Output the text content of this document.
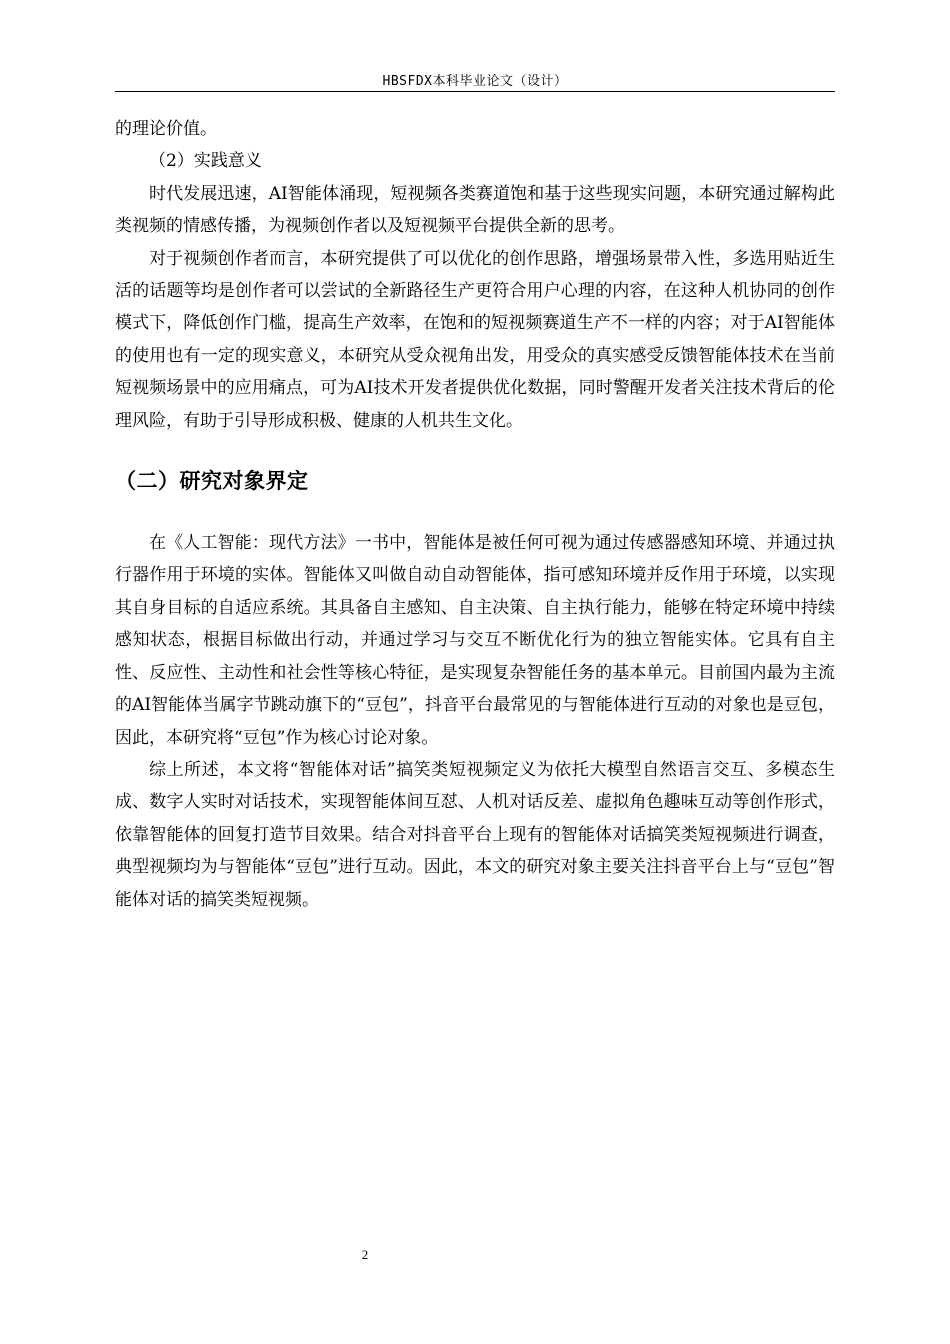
HBSFDX本科毕业论文（设计）

的理论价值。

（2）实践意义

时代发展迅速，AI智能体涌现，短视频各类赛道饱和基于这些现实问题，本研究通过解构此类视频的情感传播，为视频创作者以及短视频平台提供全新的思考。

对于视频创作者而言，本研究提供了可以优化的创作思路，增强场景带入性，多选用贴近生活的话题等均是创作者可以尝试的全新路径生产更符合用户心理的内容，在这种人机协同的创作模式下，降低创作门槛，提高生产效率，在饱和的短视频赛道生产不一样的内容；对于AI智能体的使用也有一定的现实意义，本研究从受众视角出发，用受众的真实感受反馈智能体技术在当前短视频场景中的应用痛点，可为AI技术开发者提供优化数据，同时警醒开发者关注技术背后的伦理风险，有助于引导形成积极、健康的人机共生文化。

（二）研究对象界定

在《人工智能：现代方法》一书中，智能体是被任何可视为通过传感器感知环境、并通过执行器作用于环境的实体。智能体又叫做自动自动智能体，指可感知环境并反作用于环境，以实现其自身目标的自适应系统。其具备自主感知、自主决策、自主执行能力，能够在特定环境中持续感知状态，根据目标做出行动，并通过学习与交互不断优化行为的独立智能实体。它具有自主性、反应性、主动性和社会性等核心特征，是实现复杂智能任务的基本单元。目前国内最为主流的AI智能体当属字节跳动旗下的“豆包”，抖音平台最常见的与智能体进行互动的对象也是豆包，因此，本研究将“豆包”作为核心讨论对象。

综上所述，本文将“智能体对话”搞笑类短视频定义为依托大模型自然语言交互、多模态生成、数字人实时对话技术，实现智能体间互怼、人机对话反差、虚拟角色趣味互动等创作形式，依靠智能体的回复打造节目效果。结合对抖音平台上现有的智能体对话搞笑类短视频进行调查，典型视频均为与智能体“豆包”进行互动。因此，本文的研究对象主要关注抖音平台上与“豆包”智能体对话的搞笑类短视频。

2
